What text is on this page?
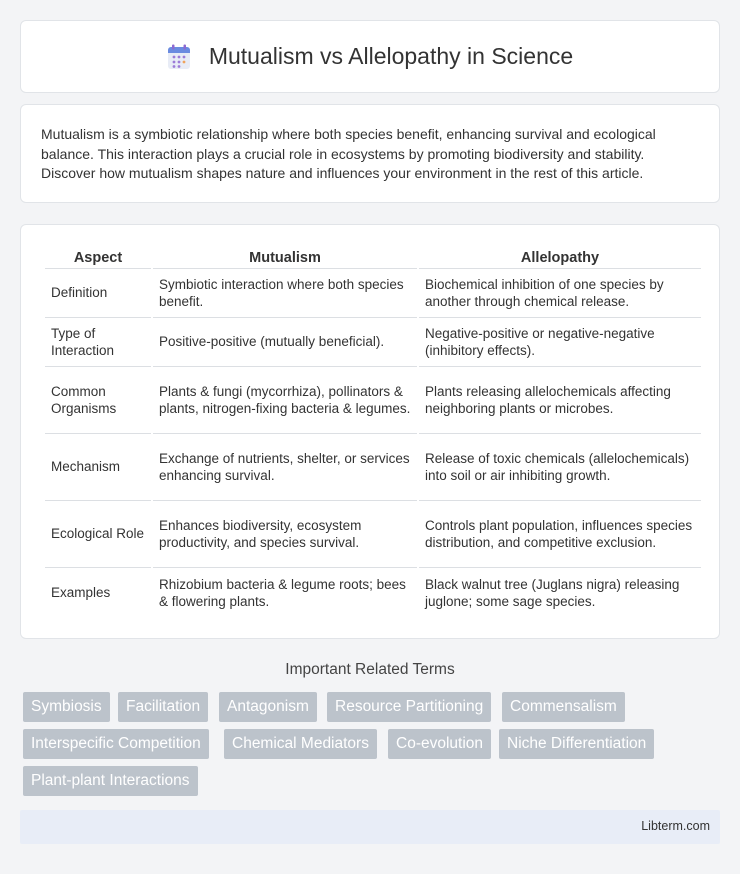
Mutualism vs Allelopathy in Science

Mutualism is a symbiotic relationship where both species benefit, enhancing survival and ecological balance. This interaction plays a crucial role in ecosystems by promoting biodiversity and stability. Discover how mutualism shapes nature and influences your environment in the rest of this article.

Aspect	Mutualism	Allelopathy
Definition	Symbiotic interaction where both species benefit.	Biochemical inhibition of one species by another through chemical release.
Type of Interaction	Positive-positive (mutually beneficial).	Negative-positive or negative-negative (inhibitory effects).
Common Organisms	Plants & fungi (mycorrhiza), pollinators & plants, nitrogen-fixing bacteria & legumes.	Plants releasing allelochemicals affecting neighboring plants or microbes.
Mechanism	Exchange of nutrients, shelter, or services enhancing survival.	Release of toxic chemicals (allelochemicals) into soil or air inhibiting growth.
Ecological Role	Enhances biodiversity, ecosystem productivity, and species survival.	Controls plant population, influences species distribution, and competitive exclusion.
Examples	Rhizobium bacteria & legume roots; bees & flowering plants.	Black walnut tree (Juglans nigra) releasing juglone; some sage species.
Important Related Terms
Symbiosis	Facilitation	Antagonism	Resource Partitioning	Commensalism
Interspecific Competition	Chemical Mediators	Co-evolution	Niche Differentiation
Plant-plant Interactions
Libterm.com
